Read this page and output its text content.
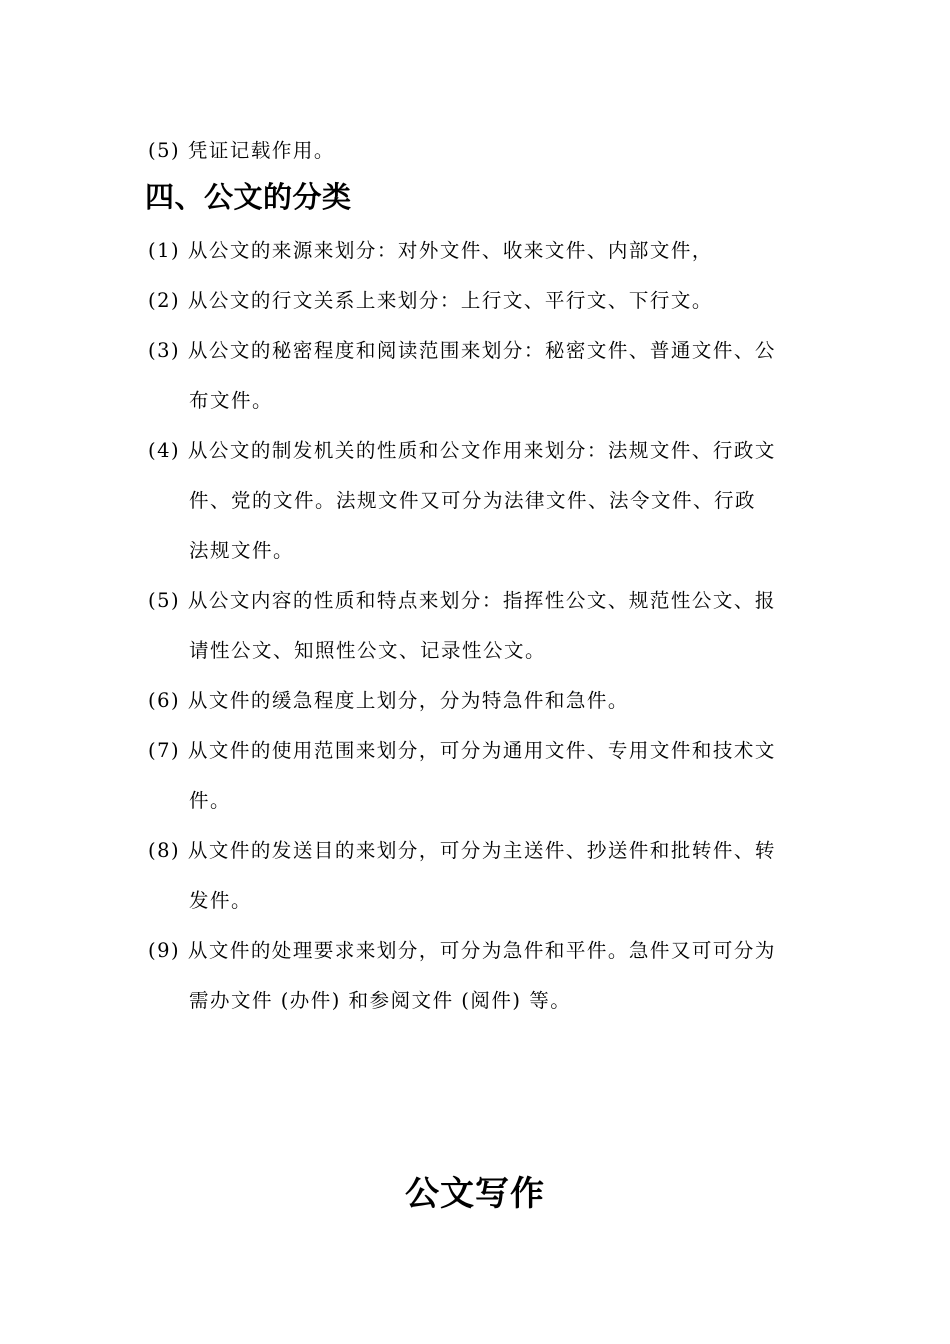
(5) 凭证记载作用。
四、公文的分类
(1) 从公文的来源来划分：对外文件、收来文件、内部文件，
(2) 从公文的行文关系上来划分：上行文、平行文、下行文。
(3) 从公文的秘密程度和阅读范围来划分：秘密文件、普通文件、公
布文件。
(4) 从公文的制发机关的性质和公文作用来划分：法规文件、行政文
件、党的文件。法规文件又可分为法律文件、法令文件、行政
法规文件。
(5) 从公文内容的性质和特点来划分：指挥性公文、规范性公文、报
请性公文、知照性公文、记录性公文。
(6) 从文件的缓急程度上划分，分为特急件和急件。
(7) 从文件的使用范围来划分，可分为通用文件、专用文件和技术文
件。
(8) 从文件的发送目的来划分，可分为主送件、抄送件和批转件、转
发件。
(9) 从文件的处理要求来划分，可分为急件和平件。急件又可可分为
需办文件 (办件) 和参阅文件 (阅件) 等。
公文写作
